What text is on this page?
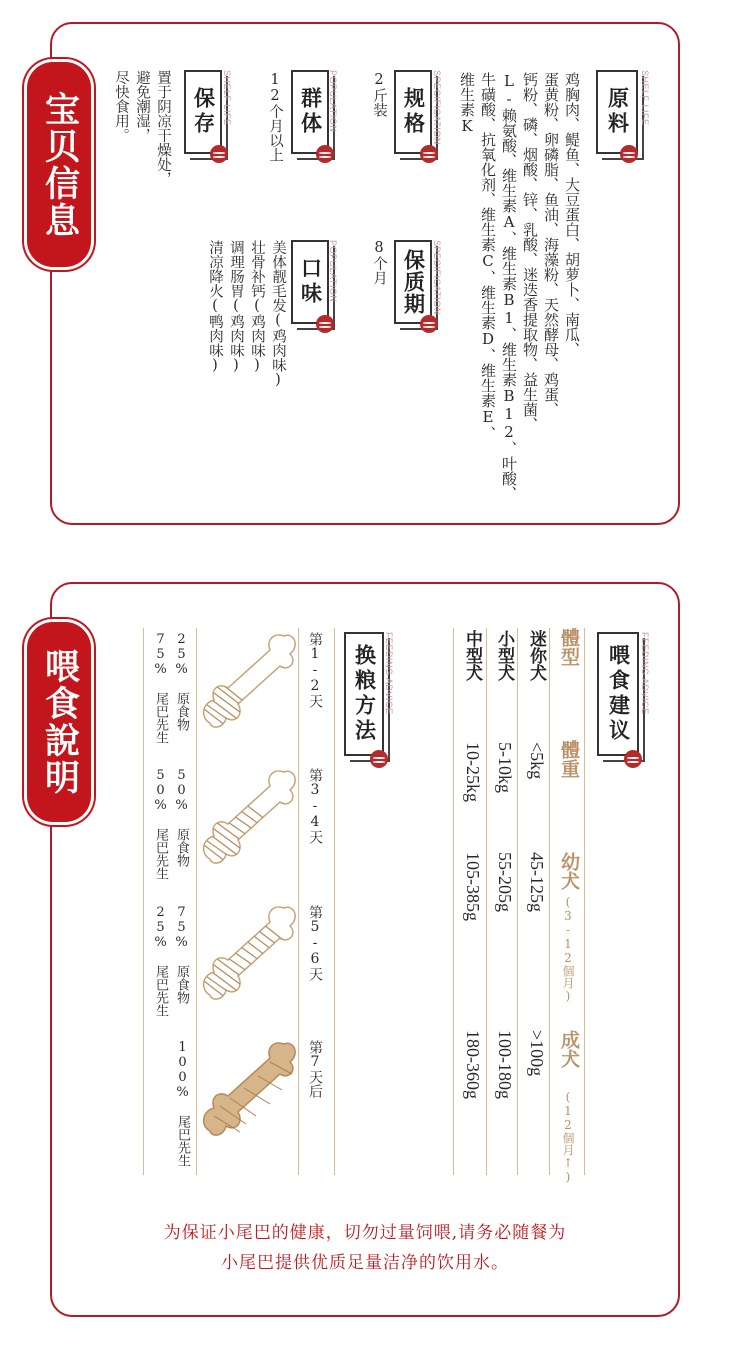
宝贝信息	原料 SHELF LIFE
鸡胸肉、鳀鱼、大豆蛋白、胡萝卜、南瓜、
蛋黄粉、卵磷脂、鱼油、海藻粉、天然酵母、鸡蛋、
钙粉、磷、烟酸、锌、乳酸、迷迭香提取物、益生菌、
L-赖氨酸、维生素A、维生素B1、维生素B12、叶酸、
牛磺酸、抗氧化剂、维生素C、维生素D、维生素E、
维生素K
规格 SPECIFICATION
2斤装
保质期 SPECIFICATION
8个月
群体 POPULATION
12个月以上
口味 POPULATION
美体靓毛发(鸡肉味)
壮骨补钙(鸡肉味)
调理肠胃(鸡肉味)
清凉降火(鸭肉味)
保存 SHELF LIFE
置于阴凉干燥处，
避免潮湿，
尽快食用。
喂食說明	喂食建议 FEEDING ADVICE
體型
體重
幼犬
(3-12個月)
成犬
(12個月↑)
迷你犬
<5kg
45-125g
>100g
小型犬
5-10kg
55-205g
100-180g
中型犬
10-25kg
105-385g
180-360g
换粮方法 FEEDING ADVICE
第1-2天
第3-4天
第5-6天
第7天后
25% 原食物
75% 尾巴先生
50% 原食物
50% 尾巴先生
75% 原食物
25% 尾巴先生
100% 尾巴先生
为保证小尾巴的健康，切勿过量饲喂,请务必随餐为
小尾巴提供优质足量洁净的饮用水。
